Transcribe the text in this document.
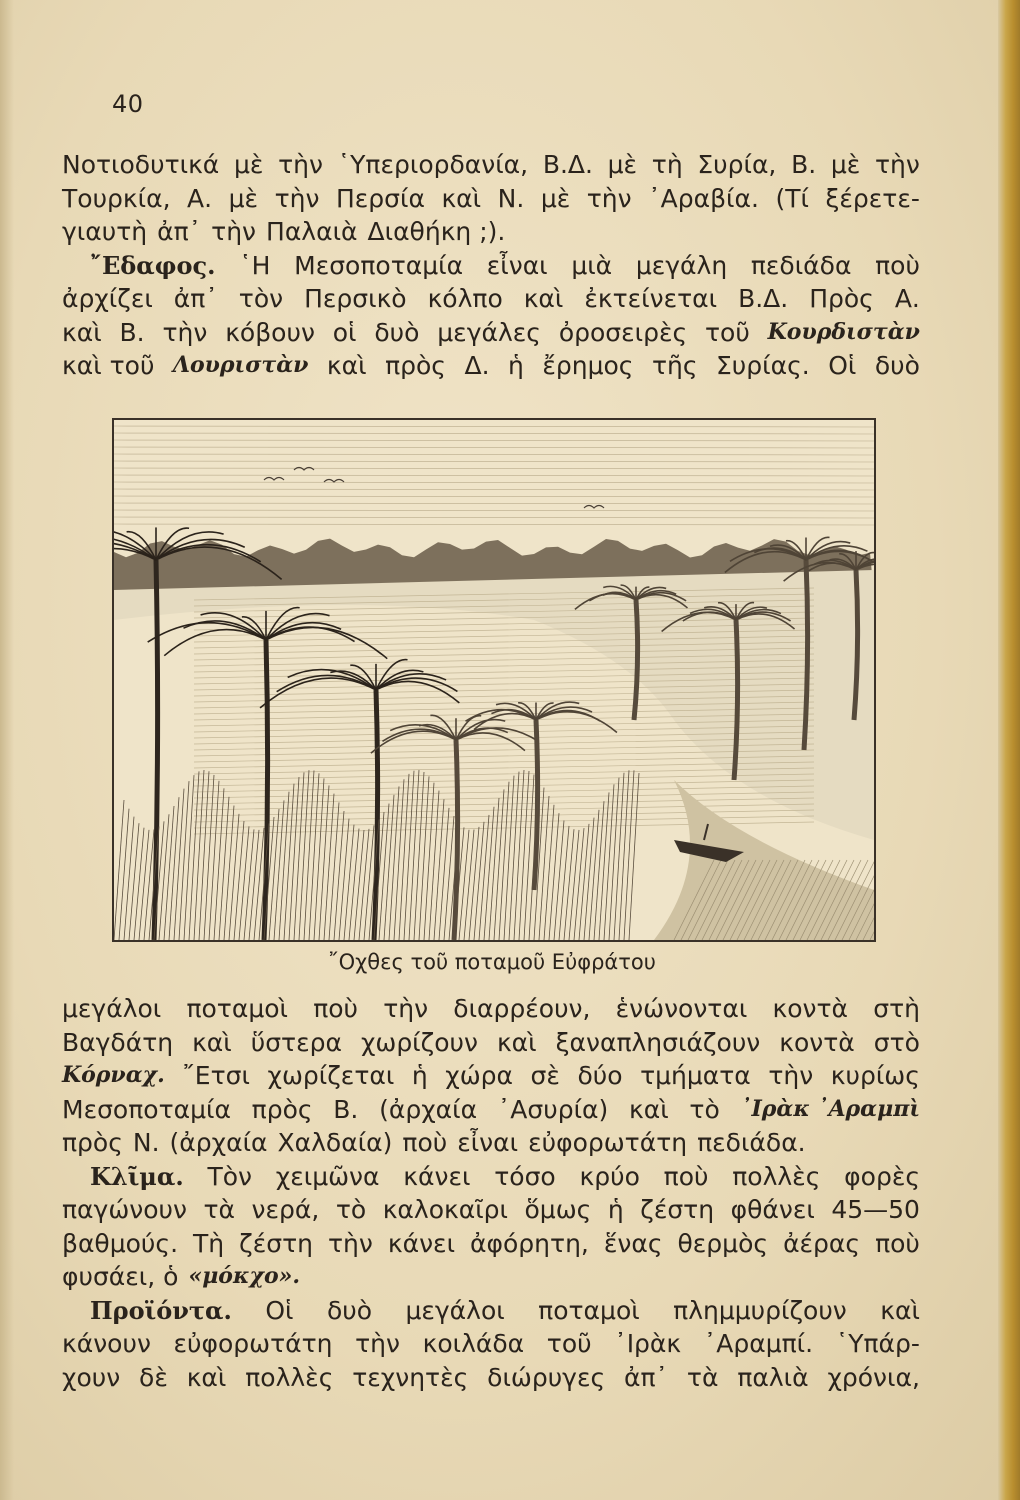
40
Νοτιοδυτικά μὲ τὴν ῾Υπεριορδανία, Β.Δ. μὲ τὴ Συρία, Β. μὲ τὴν
Τουρκία, Α. μὲ τὴν Περσία καὶ Ν. μὲ τὴν ᾿Αραβία. (Τί ξέρετε-
γιαυτὴ ἀπ᾿ τὴν Παλαιὰ Διαθήκη ;).
῎Εδαφος. ῾Η Μεσοποταμία εἶναι μιὰ μεγάλη πεδιάδα ποὺ
ἀρχίζει ἀπ᾿ τὸν Περσικὸ κόλπο καὶ ἐκτείνεται Β.Δ. Πρὸς Α.
καὶ Β. τὴν κόβουν οἱ δυὸ μεγάλες ὀροσειρὲς τοῦ Κουρδιστὰν
καὶ τοῦ Λουριστὰν καὶ πρὸς Δ. ἡ ἔρημος τῆς Συρίας. Οἱ δυὸ
῎Οχθες τοῦ ποταμοῦ Εὐφράτου
μεγάλοι ποταμοὶ ποὺ τὴν διαρρέουν, ἑνώνονται κοντὰ στὴ
Βαγδάτη καὶ ὕστερα χωρίζουν καὶ ξαναπλησιάζουν κοντὰ στὸ
Κόρναχ. ῎Ετσι χωρίζεται ἡ χώρα σὲ δύο τμήματα τὴν κυρίως
Μεσοποταμία πρὸς Β. (ἀρχαία ᾿Ασυρία) καὶ τὸ ᾿Ιρὰκ ᾿Αραμπὶ
πρὸς Ν. (ἀρχαία Χαλδαία) ποὺ εἶναι εὐφορωτάτη πεδιάδα.
Κλῖμα. Τὸν χειμῶνα κάνει τόσο κρύο ποὺ πολλὲς φορὲς
παγώνουν τὰ νερά, τὸ καλοκαῖρι ὅμως ἡ ζέστη φθάνει 45—50
βαθμούς. Τὴ ζέστη τὴν κάνει ἀφόρητη, ἕνας θερμὸς ἀέρας ποὺ
φυσάει, ὁ «μόκχο».
Προϊόντα. Οἱ δυὸ μεγάλοι ποταμοὶ πλημμυρίζουν καὶ
κάνουν εὐφορωτάτη τὴν κοιλάδα τοῦ ᾿Ιρὰκ ᾿Αραμπί. ῾Υπάρ-
χουν δὲ καὶ πολλὲς τεχνητὲς διώρυγες ἀπ᾿ τὰ παλιὰ χρόνια,
